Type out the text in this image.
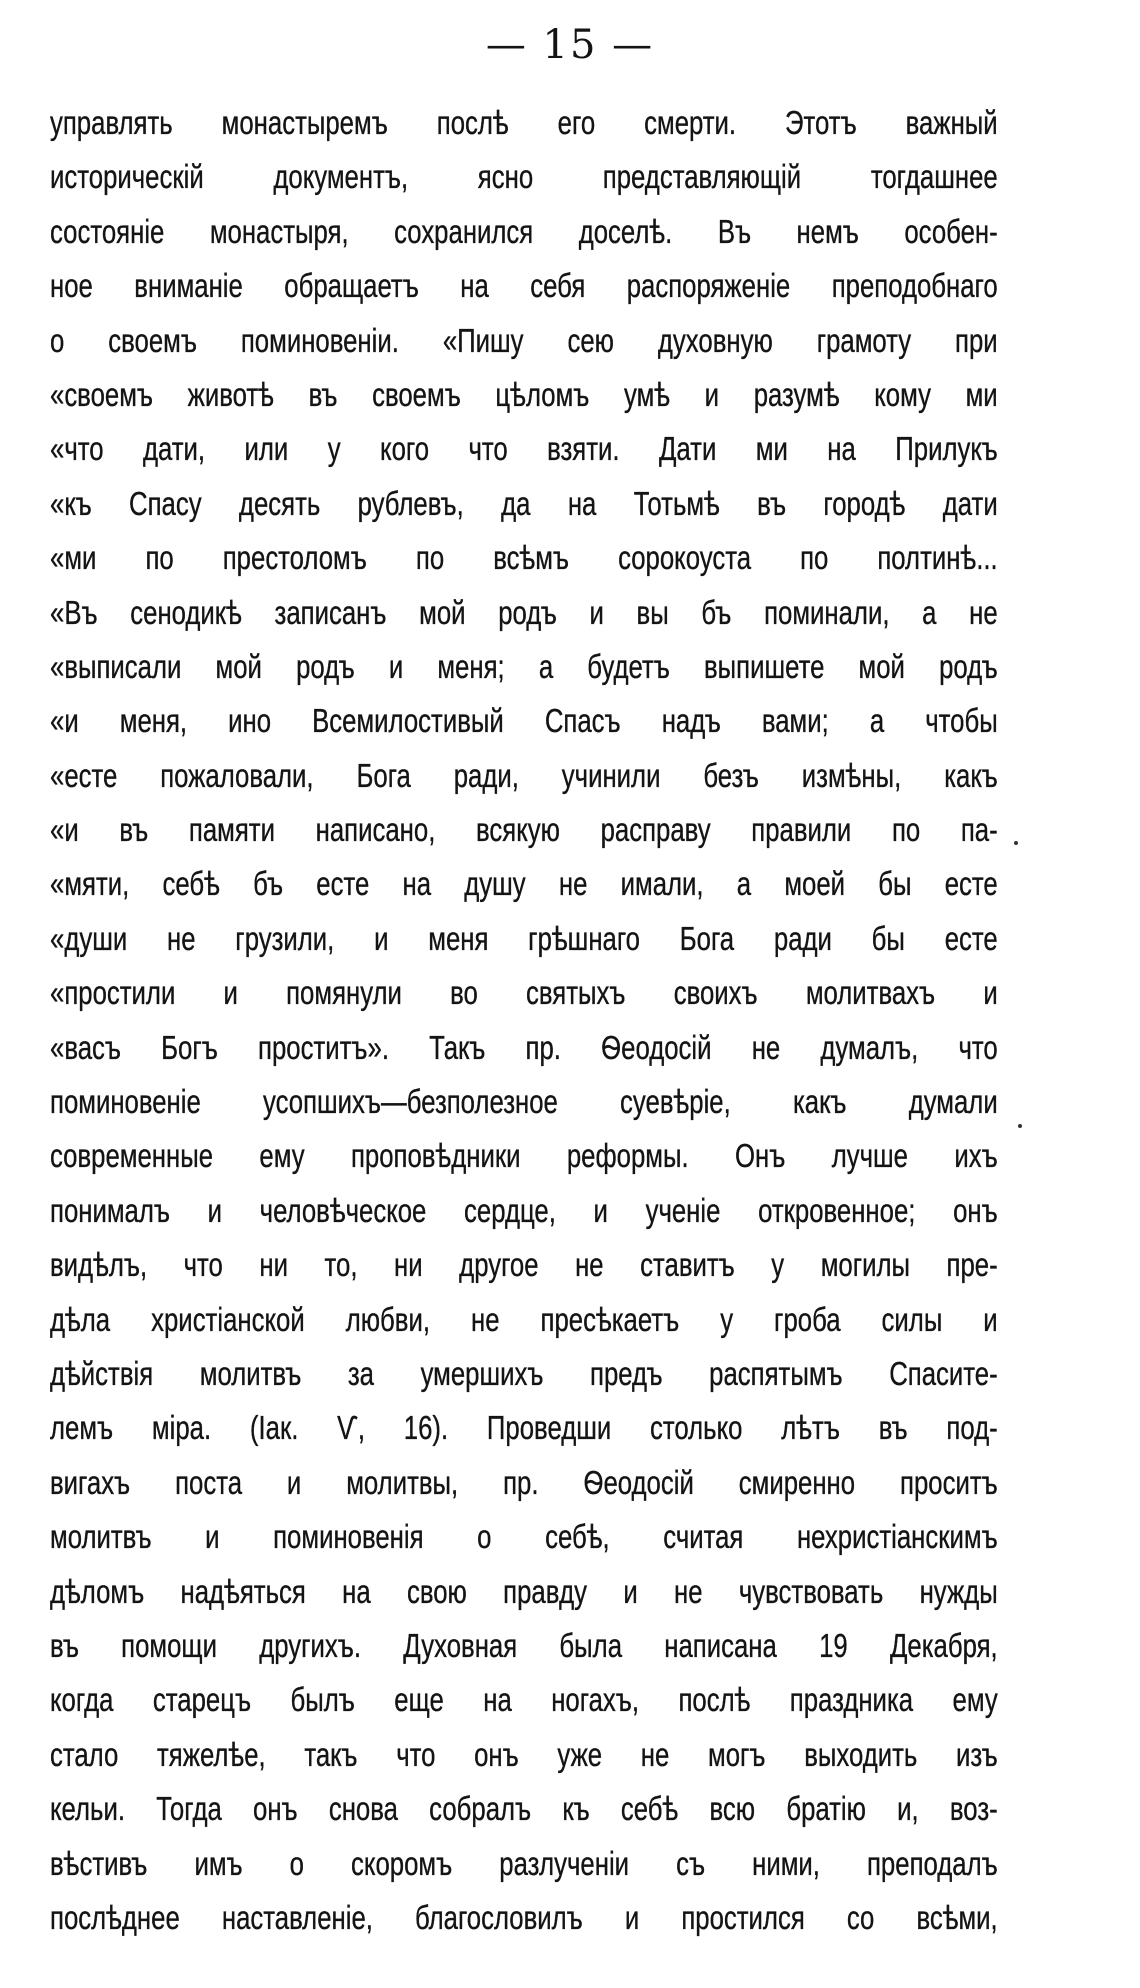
— 15 —
управлять монастыремъ послѣ его смерти. Этотъ важный
историческій документъ, ясно представляющій тогдашнее
состояніе монастыря, сохранился доселѣ. Въ немъ особен-
ное вниманіе обращаетъ на себя распоряженіе преподобнаго
о своемъ поминовеніи. «Пишу сею духовную грамоту при
«своемъ животѣ въ своемъ цѣломъ умѣ и разумѣ кому ми
«что дати, или у кого что взяти. Дати ми на Прилукъ
«къ Спасу десять рублевъ, да на Тотьмѣ въ городѣ дати
«ми по престоломъ по всѣмъ сорокоуста по полтинѣ...
«Въ сенодикѣ записанъ мой родъ и вы бъ поминали, а не
«выписали мой родъ и меня; а будетъ выпишете мой родъ
«и меня, ино Всемилостивый Спасъ надъ вами; а чтобы
«есте пожаловали, Бога ради, учинили безъ измѣны, какъ
«и въ памяти написано, всякую расправу правили по па-
«мяти, себѣ бъ есте на душу не имали, а моей бы есте
«души не грузили, и меня грѣшнаго Бога ради бы есте
«простили и помянули во святыхъ своихъ молитвахъ и
«васъ Богъ проститъ». Такъ пр. Ѳеодосій не думалъ, что
поминовеніе усопшихъ—безполезное суевѣріе, какъ думали
современные ему проповѣдники реформы. Онъ лучше ихъ
понималъ и человѣческое сердце, и ученіе откровенное; онъ
видѣлъ, что ни то, ни другое не ставитъ у могилы пре-
дѣла христіанской любви, не пресѣкаетъ у гроба силы и
дѣйствія молитвъ за умершихъ предъ распятымъ Спасите-
лемъ міра. (Іак. Ѵ, 16). Проведши столько лѣтъ въ под-
вигахъ поста и молитвы, пр. Ѳеодосій смиренно проситъ
молитвъ и поминовенія о себѣ, считая нехристіанскимъ
дѣломъ надѣяться на свою правду и не чувствовать нужды
въ помощи другихъ. Духовная была написана 19 Декабря,
когда старецъ былъ еще на ногахъ, послѣ праздника ему
стало тяжелѣе, такъ что онъ уже не могъ выходить изъ
кельи. Тогда онъ снова собралъ къ себѣ всю братію и, воз-
вѣстивъ имъ о скоромъ разлученіи съ ними, преподалъ
послѣднее наставленіе, благословилъ и простился со всѣми,
